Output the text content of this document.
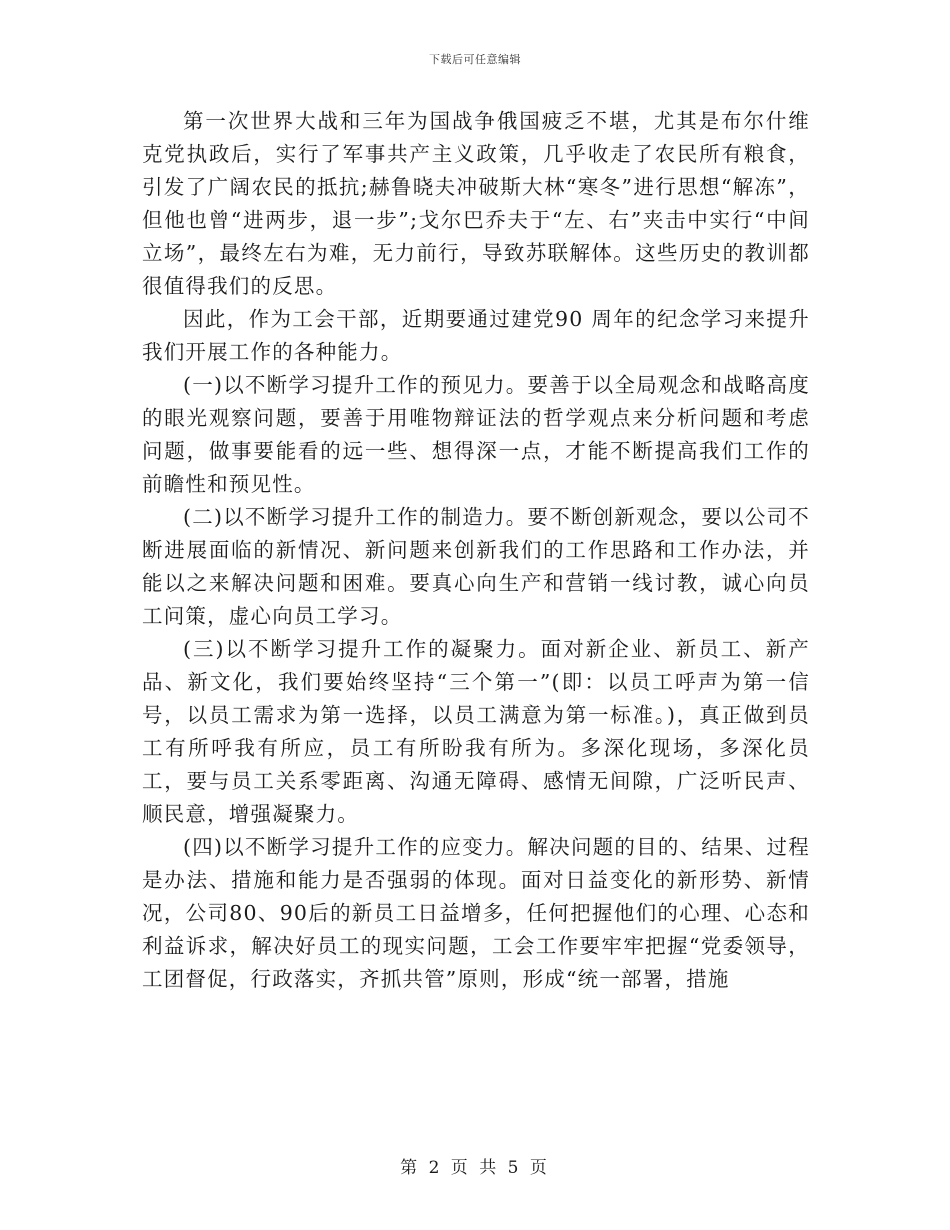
下载后可任意编辑

第一次世界大战和三年为国战争俄国疲乏不堪，尤其是布尔什维克党执政后，实行了军事共产主义政策，几乎收走了农民所有粮食，引发了广阔农民的抵抗;赫鲁晓夫冲破斯大林“寒冬”进行思想“解冻”，但他也曾“进两步，退一步”;戈尔巴乔夫于“左、右”夹击中实行“中间立场”，最终左右为难，无力前行，导致苏联解体。这些历史的教训都很值得我们的反思。

因此，作为工会干部，近期要通过建党90 周年的纪念学习来提升我们开展工作的各种能力。

(一)以不断学习提升工作的预见力。要善于以全局观念和战略高度的眼光观察问题，要善于用唯物辩证法的哲学观点来分析问题和考虑问题，做事要能看的远一些、想得深一点，才能不断提高我们工作的前瞻性和预见性。

(二)以不断学习提升工作的制造力。要不断创新观念，要以公司不断进展面临的新情况、新问题来创新我们的工作思路和工作办法，并能以之来解决问题和困难。要真心向生产和营销一线讨教，诚心向员工问策，虚心向员工学习。

(三)以不断学习提升工作的凝聚力。面对新企业、新员工、新产品、新文化，我们要始终坚持“三个第一”(即：以员工呼声为第一信号，以员工需求为第一选择，以员工满意为第一标准。)，真正做到员工有所呼我有所应，员工有所盼我有所为。多深化现场，多深化员工，要与员工关系零距离、沟通无障碍、感情无间隙，广泛听民声、顺民意，增强凝聚力。

(四)以不断学习提升工作的应变力。解决问题的目的、结果、过程是办法、措施和能力是否强弱的体现。面对日益变化的新形势、新情况，公司80、90后的新员工日益增多，任何把握他们的心理、心态和利益诉求，解决好员工的现实问题，工会工作要牢牢把握“党委领导，工团督促，行政落实，齐抓共管”原则，形成“统一部署，措施

第 2 页 共 5 页
